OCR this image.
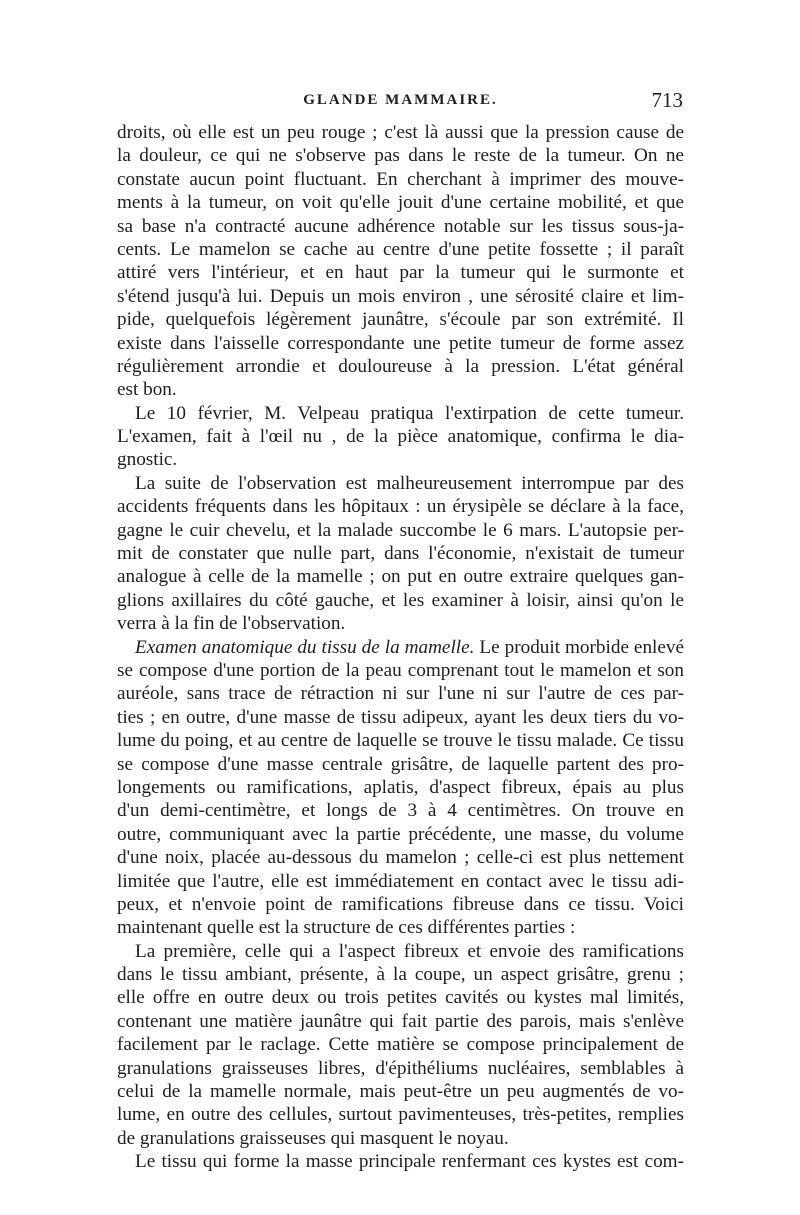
GLANDE MAMMAIRE.	713
droits, où elle est un peu rouge ; c'est là aussi que la pression cause de
la douleur, ce qui ne s'observe pas dans le reste de la tumeur. On ne
constate aucun point fluctuant. En cherchant à imprimer des mouve-
ments à la tumeur, on voit qu'elle jouit d'une certaine mobilité, et que
sa base n'a contracté aucune adhérence notable sur les tissus sous-ja-
cents. Le mamelon se cache au centre d'une petite fossette ; il paraît
attiré vers l'intérieur, et en haut par la tumeur qui le surmonte et
s'étend jusqu'à lui. Depuis un mois environ , une sérosité claire et lim-
pide, quelquefois légèrement jaunâtre, s'écoule par son extrémité. Il
existe dans l'aisselle correspondante une petite tumeur de forme assez
régulièrement arrondie et douloureuse à la pression. L'état général
est bon.
Le 10 février, M. Velpeau pratiqua l'extirpation de cette tumeur.
L'examen, fait à l'œil nu , de la pièce anatomique, confirma le dia-
gnostic.
La suite de l'observation est malheureusement interrompue par des
accidents fréquents dans les hôpitaux : un érysipèle se déclare à la face,
gagne le cuir chevelu, et la malade succombe le 6 mars. L'autopsie per-
mit de constater que nulle part, dans l'économie, n'existait de tumeur
analogue à celle de la mamelle ; on put en outre extraire quelques gan-
glions axillaires du côté gauche, et les examiner à loisir, ainsi qu'on le
verra à la fin de l'observation.
Examen anatomique du tissu de la mamelle. Le produit morbide enlevé
se compose d'une portion de la peau comprenant tout le mamelon et son
auréole, sans trace de rétraction ni sur l'une ni sur l'autre de ces par-
ties ; en outre, d'une masse de tissu adipeux, ayant les deux tiers du vo-
lume du poing, et au centre de laquelle se trouve le tissu malade. Ce tissu
se compose d'une masse centrale grisâtre, de laquelle partent des pro-
longements ou ramifications, aplatis, d'aspect fibreux, épais au plus
d'un demi-centimètre, et longs de 3 à 4 centimètres. On trouve en
outre, communiquant avec la partie précédente, une masse, du volume
d'une noix, placée au-dessous du mamelon ; celle-ci est plus nettement
limitée que l'autre, elle est immédiatement en contact avec le tissu adi-
peux, et n'envoie point de ramifications fibreuse dans ce tissu. Voici
maintenant quelle est la structure de ces différentes parties :
La première, celle qui a l'aspect fibreux et envoie des ramifications
dans le tissu ambiant, présente, à la coupe, un aspect grisâtre, grenu ;
elle offre en outre deux ou trois petites cavités ou kystes mal limités,
contenant une matière jaunâtre qui fait partie des parois, mais s'enlève
facilement par le raclage. Cette matière se compose principalement de
granulations graisseuses libres, d'épithéliums nucléaires, semblables à
celui de la mamelle normale, mais peut-être un peu augmentés de vo-
lume, en outre des cellules, surtout pavimenteuses, très-petites, remplies
de granulations graisseuses qui masquent le noyau.
Le tissu qui forme la masse principale renfermant ces kystes est com-
